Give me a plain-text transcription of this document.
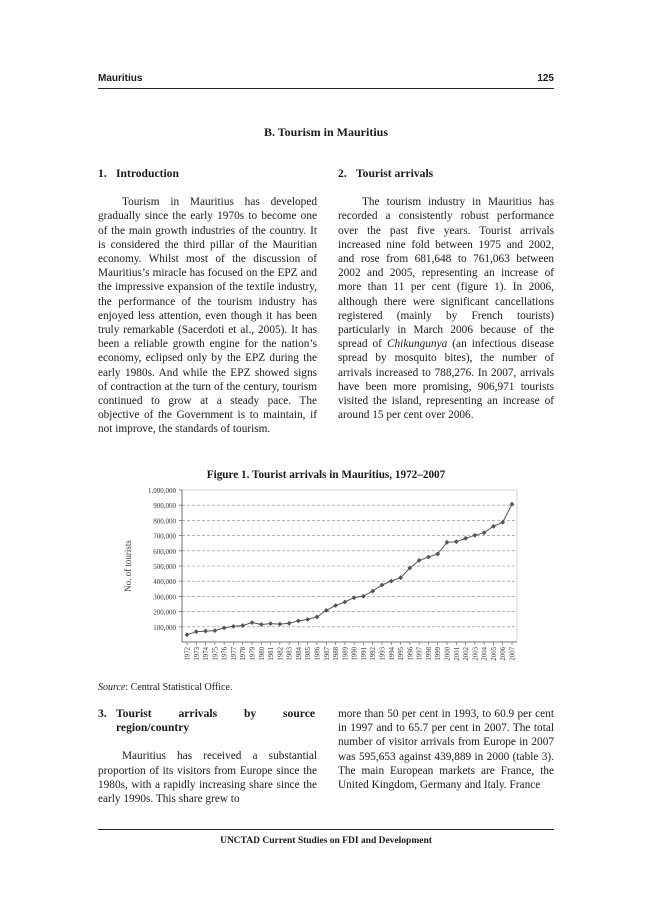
Mauritius	125
B. Tourism in Mauritius

1. Introduction

Tourism in Mauritius has developed gradually since the early 1970s to become one of the main growth industries of the country. It is considered the third pillar of the Mauritian economy. Whilst most of the discussion of Mauritius’s miracle has focused on the EPZ and the impressive expansion of the textile industry, the performance of the tourism industry has enjoyed less attention, even though it has been truly remarkable (Sacerdoti et al., 2005). It has been a reliable growth engine for the nation’s economy, eclipsed only by the EPZ during the early 1980s. And while the EPZ showed signs of contraction at the turn of the century, tourism continued to grow at a steady pace. The objective of the Government is to maintain, if not improve, the standards of tourism.

2. Tourist arrivals

The tourism industry in Mauritius has recorded a consistently robust performance over the past five years. Tourist arrivals increased nine fold between 1975 and 2002, and rose from 681,648 to 761,063 between 2002 and 2005, representing an increase of more than 11 per cent (figure 1). In 2006, although there were significant cancellations registered (mainly by French tourists) particularly in March 2006 because of the spread of Chikungunya (an infectious disease spread by mosquito bites), the number of arrivals increased to 788,276. In 2007, arrivals have been more promising, 906,971 tourists visited the island, representing an increase of around 15 per cent over 2006.

Figure 1. Tourist arrivals in Mauritius, 1972–2007
100,000
200,000
300,000
400,000
500,000
600,000
700,000
800,000
900,000
1,000,000
No. of tourists
1972 1973 1974 1975 1976 1977 1978 1979 1980 1981 1982 1983 1984 1985 1986 1987 1988 1989 1990 1991 1992 1993 1994 1995 1996 1997 1998 1999 2000 2001 2002 2003 2004 2005 2006 2007
Source: Central Statistical Office.

3. Tourist arrivals by source

region/country

Mauritius has received a substantial proportion of its visitors from Europe since the 1980s, with a rapidly increasing share since the early 1990s. This share grew to

more than 50 per cent in 1993, to 60.9 per cent in 1997 and to 65.7 per cent in 2007. The total number of visitor arrivals from Europe in 2007 was 595,653 against 439,889 in 2000 (table 3). The main European markets are France, the United Kingdom, Germany and Italy. France

UNCTAD Current Studies on FDI and Development
